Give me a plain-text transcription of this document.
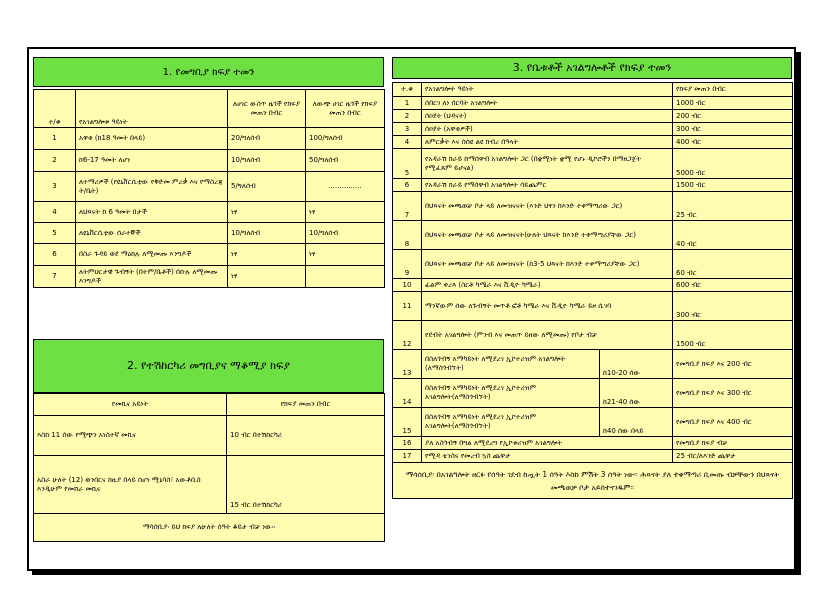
1. የመግቢያ ክፍያ ተመን
ተ/ቁ	የአገልግሎቱ ዓይነት	ለሀገር ውስጥ ዜጎች የክፍያ መጠን በብር	ለውጭ ሀገር ዜጎች የክፍያ መጠን በብር
1	አዋቂ (ከ18 ዓመት በላይ)	20/ግለሰብ	100/ግለሰብ
2	ከ6-17 ዓመት ለሆነ	10/ግለሰብ	50/ግለሰብ
3	ለተማሪዎች (የዩኒቨርሲቲው የቅድመ ምረቃ እና የማስረጃ ት/ቤት)	5/ግለሰብ	...............
4	ለህጻናት ከ 6 ዓመት በታች	ነፃ	ነፃ
5	ለዩኒቨርሲቲው ሰራተኞች	10/ግለሰብ	10/ግለሰብ
6	በስራ ጉዳይ ወደ ማዕከሉ ለሚመጡ እንግዶች	ነፃ	ነፃ
7	ለትምህርታዊ ጉብኝት (በትም/ቤቶች) በኩሉ ለሚመጡ እንግዶች	ነፃ	
2. የተሽከርካሪ መግቢያና ማቆሚያ ክፍያ
የመኪና አይነት	የክፍያ መጠን በብር
እስከ 11 ሰው የሚጭን አነስተኛ መኪና	10 ብር በተሽከርካሪ
አስራ ሁለት (12) ወንበርና ከዚያ በላይ ሰሆነ ሚኒባስ፣ አውቶቢስ እንዲሁም የመሸራ መኪና	15 ብር በተሽከርካሪ
ማሳሰቢያ፡ ይህ ክፍያ ለሁለት ሰዓት ቆይታ ብቻ ነው፡፡	
3. የቤቱቶች አገልግሎቶች የክፍያ ተመን
ተ.ቁ	የአገልግሎት ዓይነት		የክፍያ መጠን በብር
1	ሰበርገ ለነ ሰርባት አገልግሎት		1000 ብር
2	ሰዐደት (ህዳናት)		200 ብር
3	ሰዐደት (አዋቂዎች)		300 ብር
4	ለምርቃት እና ሰሰዩ ልዩ ክብረ በዓላት		400 ብር
5	የአዳራሽ ክራይ ከማሰዋብ አገልግሎት ጋር (በቋሚነት ቋሚ የሆኑ ዲኮሮችን በማዘጋጀት የሚፈጸም ይሆናል)		5000 ብር
6	የአዳራሽ ክራይ የማሰዋብ አገልግሎት ሳይጨምር		1500 ብር
7	በህጻናት መጫወቻ ቦታ ላይ ለመዝናናት (እንድ ህፃን ከእንድ ተቀማጣሪው ጋር)		25 ብር
8	በህጻናት መጫወቻ ቦታ ላይ ለመዝናናት(ሁለት ህጻናት ከእንድ ተቀማጣሪያቸው ጋር)		40 ብር
9	በህጻናት መጫወቻ ቦታ ላይ ለመዝናናት (ከ3-5 ህጻናት ከእንድ ተቀማጣሪያቸው ጋር)		60 ብር
10	ፊልም ቀረጻ (ስርቶ ካሜራ እና ቪዲዮ ካሜራ)		600 ብር
11	ማንኛውም ሰው ለጉብኝት መጥቶ ፎቶ ካሜራ እና ቪዲዮ ካሜራ ይዞ ሲገባ		300 ብር
12	የደብት አገልግሎት (ምንብ እና መጠጥ ይዘው ለሚመጡ) የቦታ ብቻ		1500 ብር
13	በስለጎብኝ አማካይነት ለሚደረገ ኢኮተሪዝም አገልግሎት (ለማስጎብኘት)	ከ10-20 ሰው	የመግቢያ ክፍያ እና 200 ብር
14	በስለጎብኝ አማካይነት ለሚደረገ ኢኮተሪዝም አገልግሎት(ለማስጎብኘት)	ከ21-40 ሰው	የመግቢያ ክፍያ እና 300 ብር
15	በስለጎብኝ አማካይነት ለሚደረገ ኢኮተሪዝም አገልግሎት(ለማስጎብኘት)	ከ40 ሰው በላይ	የመግቢያ ክፍያ እና 400 ብር
16	ያለ አስጎብኝ በግል ለሚደረግ የኢኮቱሪዝም አገልግሎት		የመግቢያ ክፍያ ብቻ
17	የሚዳ ቴንስና የመረብ ኳስ ጨዋታ		25 ብር/ለእንድ ጨዋታ
ማሳሰቢያ፡ በአገልግሎት ዘርፉ የሰዓት ገደብ ከጧት 1 ሰዓት እስከ ምሽት 3 ሰዓት ነው፡፡ ሕጻናት ያለ ተቀማጣሪ ቢመጡ ብቻቸውን በህጻናት መጫወቻ ቦታ አይስተናገዱም፡፡			
